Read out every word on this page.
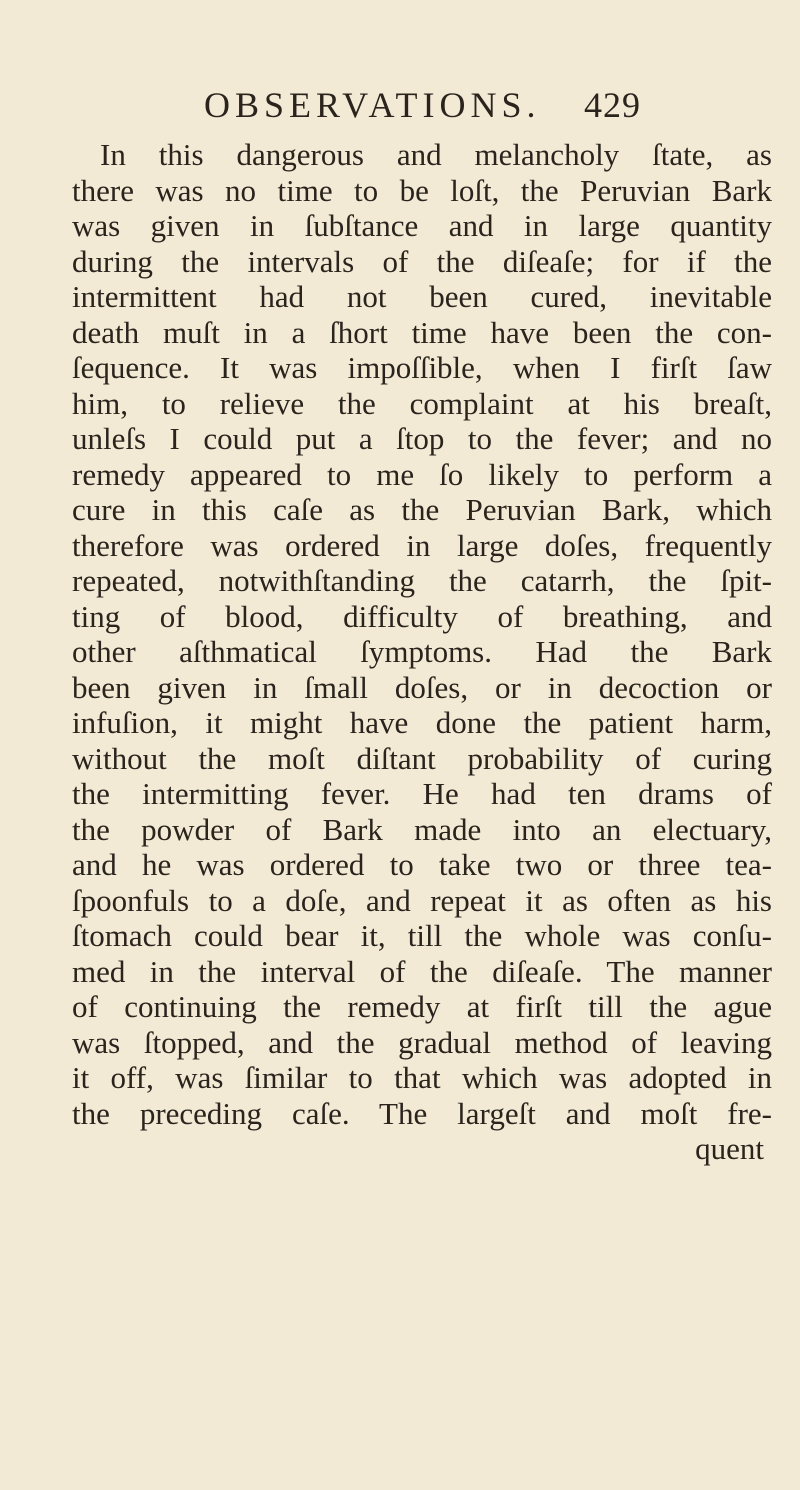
OBSERVATIONS. 429
In this dangerous and melancholy ſtate, as
there was no time to be loſt, the Peruvian Bark
was given in ſubſtance and in large quantity
during the intervals of the diſeaſe; for if the
intermittent had not been cured, inevitable
death muſt in a ſhort time have been the con-
ſequence. It was impoſſible, when I firſt ſaw
him, to relieve the complaint at his breaſt,
unleſs I could put a ſtop to the fever; and no
remedy appeared to me ſo likely to perform a
cure in this caſe as the Peruvian Bark, which
therefore was ordered in large doſes, frequently
repeated, notwithſtanding the catarrh, the ſpit-
ting of blood, difficulty of breathing, and
other aſthmatical ſymptoms. Had the Bark
been given in ſmall doſes, or in decoction or
infuſion, it might have done the patient harm,
without the moſt diſtant probability of curing
the intermitting fever. He had ten drams of
the powder of Bark made into an electuary,
and he was ordered to take two or three tea-
ſpoonfuls to a doſe, and repeat it as often as his
ſtomach could bear it, till the whole was conſu-
med in the interval of the diſeaſe. The manner
of continuing the remedy at firſt till the ague
was ſtopped, and the gradual method of leaving
it off, was ſimilar to that which was adopted in
the preceding caſe. The largeſt and moſt fre-
quent
